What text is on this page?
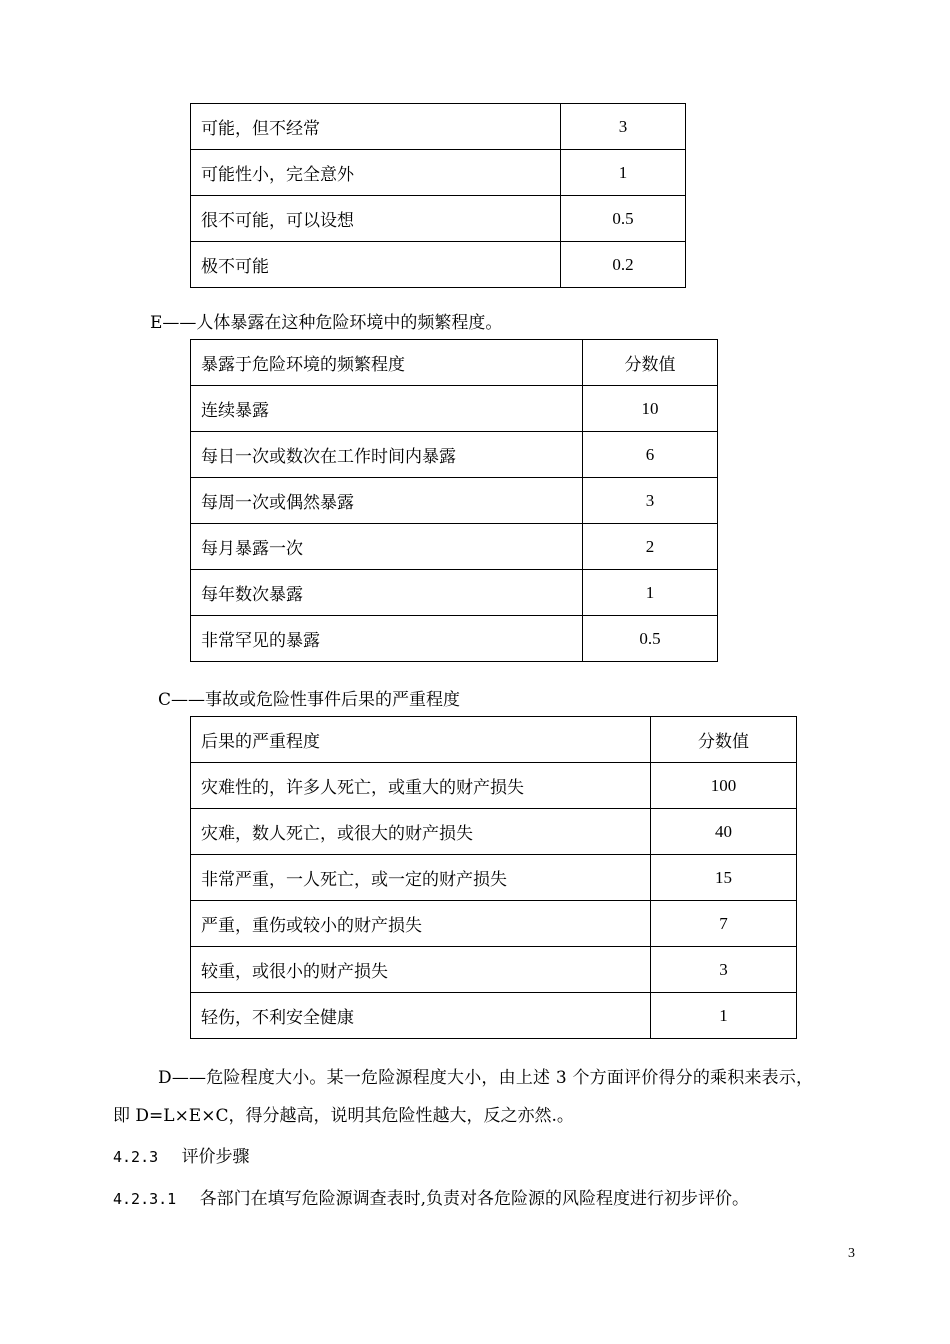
可能，但不经常	3
可能性小，完全意外	1
很不可能，可以设想	0.5
极不可能	0.2
E——人体暴露在这种危险环境中的频繁程度。
暴露于危险环境的频繁程度	分数值
连续暴露	10
每日一次或数次在工作时间内暴露	6
每周一次或偶然暴露	3
每月暴露一次	2
每年数次暴露	1
非常罕见的暴露	0.5
C——事故或危险性事件后果的严重程度
后果的严重程度	分数值
灾难性的，许多人死亡，或重大的财产损失	100
灾难，数人死亡，或很大的财产损失	40
非常严重，一人死亡，或一定的财产损失	15
严重，重伤或较小的财产损失	7
较重，或很小的财产损失	3
轻伤，不利安全健康	1
D——危险程度大小。某一危险源程度大小，由上述 3 个方面评价得分的乘积来表示，
即 D=L×E×C，得分越高，说明其危险性越大，反之亦然.。
4.2.3 评价步骤
4.2.3.1 各部门在填写危险源调查表时,负责对各危险源的风险程度进行初步评价。
3
